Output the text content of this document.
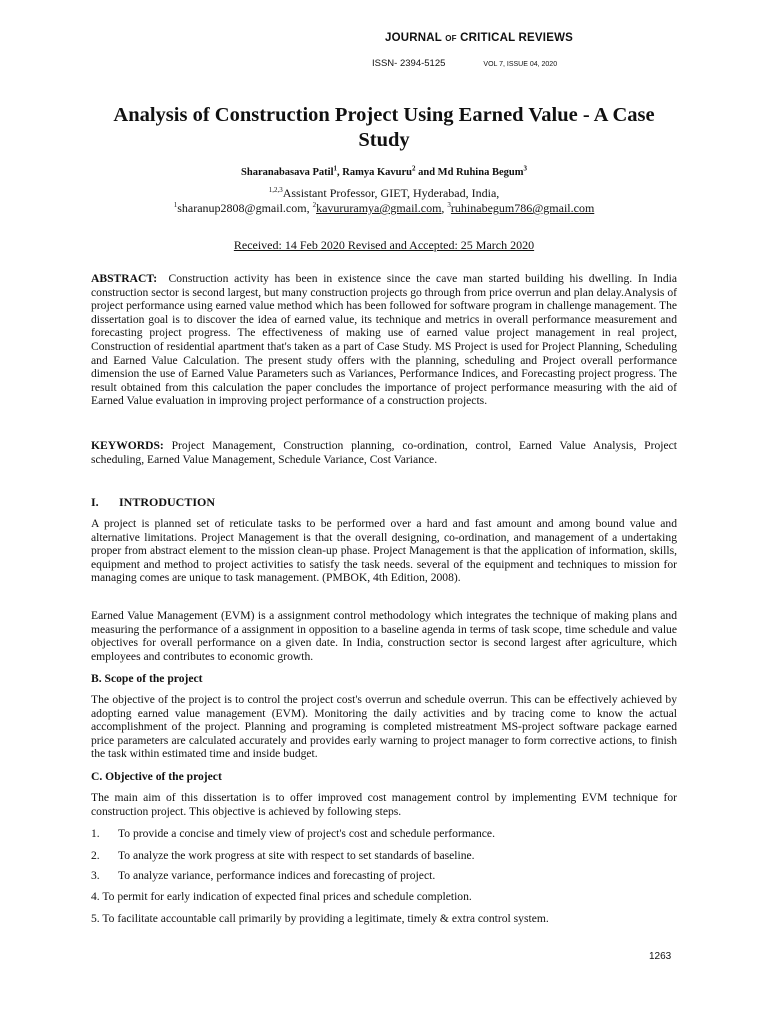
JOURNAL OF CRITICAL REVIEWS
ISSN- 2394-5125	VOL 7, ISSUE 04, 2020
Analysis of Construction Project Using Earned Value - A Case Study
Sharanabasava Patil$^1$, Ramya Kavuru$^2$ and Md Ruhina Begum$^3$
$^{1,2,3}$Assistant Professor, GIET, Hyderabad, India,
$^1$sharanup2808@gmail.com, $^2$kavururamya@gmail.com, $^3$ruhinabegum786@gmail.com
Received: 14 Feb 2020 Revised and Accepted: 25 March 2020

ABSTRACT: Construction activity has been in existence since the cave man started building his dwelling. In India construction sector is second largest, but many construction projects go through from price overrun and plan delay.Analysis of project performance using earned value method which has been followed for software program in challenge management. The dissertation goal is to discover the idea of earned value, its technique and metrics in overall performance measurement and forecasting project progress. The effectiveness of making use of earned value project management in real project, Construction of residential apartment that's taken as a part of Case Study. MS Project is used for Project Planning, Scheduling and Earned Value Calculation. The present study offers with the planning, scheduling and Project overall performance dimension the use of Earned Value Parameters such as Variances, Performance Indices, and Forecasting project progress. The result obtained from this calculation the paper concludes the importance of project performance measuring with the aid of Earned Value evaluation in improving project performance of a construction projects.

KEYWORDS: Project Management, Construction planning, co-ordination, control, Earned Value Analysis, Project scheduling, Earned Value Management, Schedule Variance, Cost Variance.

I. INTRODUCTION

A project is planned set of reticulate tasks to be performed over a hard and fast amount and among bound value and alternative limitations. Project Management is that the overall designing, co-ordination, and management of a undertaking proper from abstract element to the mission clean-up phase. Project Management is that the application of information, skills, equipment and method to project activities to satisfy the task needs. several of the equipment and techniques to mission for managing comes are unique to task management. (PMBOK, 4th Edition, 2008).

Earned Value Management (EVM) is a assignment control methodology which integrates the technique of making plans and measuring the performance of a assignment in opposition to a baseline agenda in terms of task scope, time schedule and value objectives for overall performance on a given date. In India, construction sector is second largest after agriculture, which employees and contributes to economic growth.

B. Scope of the project

The objective of the project is to control the project cost's overrun and schedule overrun. This can be effectively achieved by adopting earned value management (EVM). Monitoring the daily activities and by tracing come to know the actual accomplishment of the project. Planning and programing is completed mistreatment MS-project software package earned price parameters are calculated accurately and provides early warning to project manager to form corrective actions, to finish the task within estimated time and inside budget.

C. Objective of the project

The main aim of this dissertation is to offer improved cost management control by implementing EVM technique for construction project. This objective is achieved by following steps.

1. To provide a concise and timely view of project's cost and schedule performance.
2. To analyze the work progress at site with respect to set standards of baseline.
3. To analyze variance, performance indices and forecasting of project.
4. To permit for early indication of expected final prices and schedule completion.
5. To facilitate accountable call primarily by providing a legitimate, timely & extra control system.
1263
